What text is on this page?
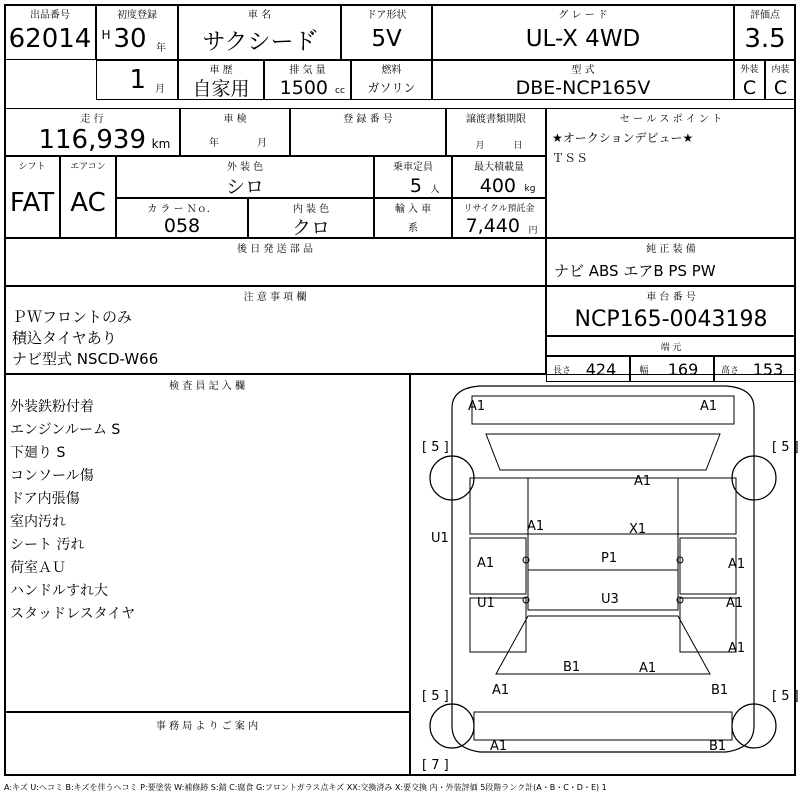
出品番号
62014
初度登録
H 30 年
車 名
サクシード゙
ドア形状
5V
グ レ ー ド
UL-X 4WD
評価点
3.5
1 月
車 歴
自家用
排 気 量
1500 cc
燃料
ガソリン
型 式
DBE-NCP165V
外装
C
内装
C
走 行
116,939 km
車 検
年	月
登 録 番 号	譲渡書類期限
月	日
セ ー ル ス ポ イ ン ト
★オークションデビュー★
ＴＳＳ
シフト
FAT
エアコン
AC
外 装 色
シロ
乗車定員
5 人
最大積載量
400 kg
カ ラ ー Ｎｏ．
058
内 装 色
クロ
輸 入 車
系
リサイクル預託金
7,440 円
後 日 発 送 部 品	純 正 装 備
ナビ ABS エアB PS PW
注 意 事 項 欄
ＰＷフロントのみ
積込タイヤあり
ナビ型式 NSCD-W66
車 台 番 号
NCP165-0043198
端 元
長さ 424	幅	169	高さ 153
検 査 員 記 入 欄
外装鉄粉付着
エンジンルーム S
下廻り S
コンソール傷
ドア内張傷
室内汚れ
シート 汚れ
荷室ＡＵ
ハンドルすれ大
スタッドレスタイヤ
事 務 局 よ り ご 案 内
A1	A1
[ 5 ]	[ 5 ]
A1
A1	X1
U1
A1	P1	A1
U3
U1	A1
A1
B1	A1
A1	B1
[ 5 ]	[ 5 ]
A1	B1
[ 7 ]
A:キズ U:ヘコミ B:キズを伴うヘコミ P:要塗装 W:補修跡 S:錆 C:腐食 G:フロントガラス点キズ XX:交換済み X:要交換 内・外装評価 5段階ランク計(A・B・C・D・E) 1
